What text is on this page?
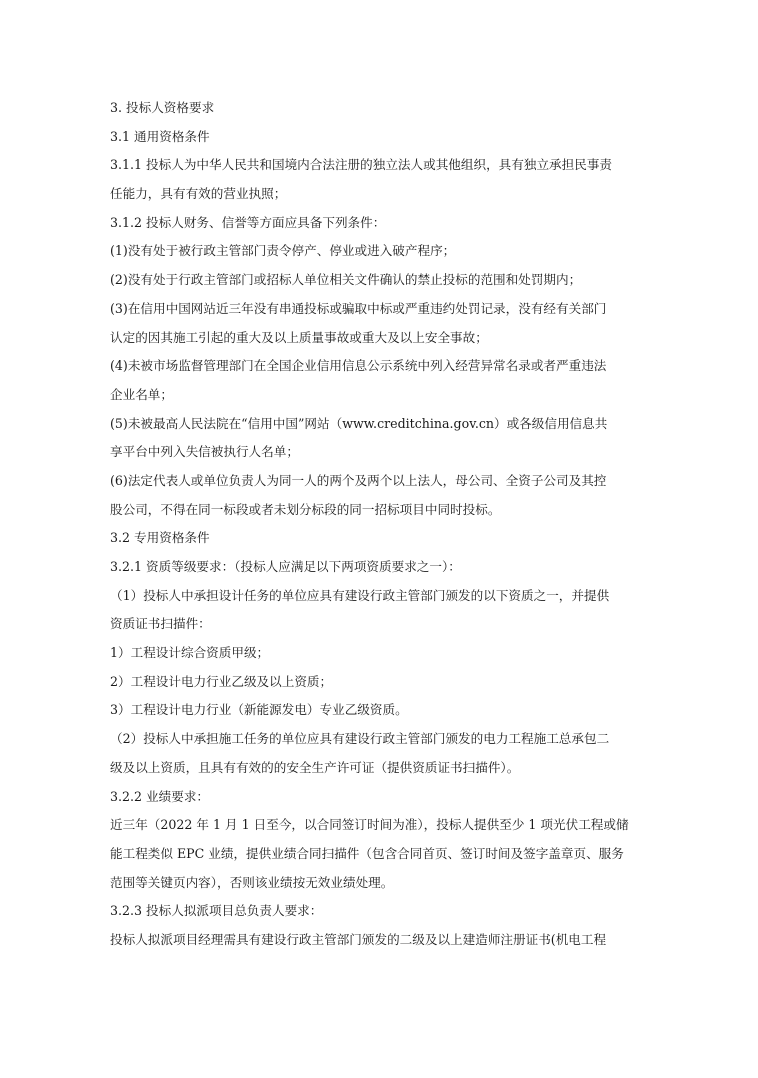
3. 投标人资格要求
3.1 通用资格条件
3.1.1 投标人为中华人民共和国境内合法注册的独立法人或其他组织，具有独立承担民事责
任能力，具有有效的营业执照；
3.1.2 投标人财务、信誉等方面应具备下列条件：
(1)没有处于被行政主管部门责令停产、停业或进入破产程序；
(2)没有处于行政主管部门或招标人单位相关文件确认的禁止投标的范围和处罚期内；
(3)在信用中国网站近三年没有串通投标或骗取中标或严重违约处罚记录，没有经有关部门
认定的因其施工引起的重大及以上质量事故或重大及以上安全事故；
(4)未被市场监督管理部门在全国企业信用信息公示系统中列入经营异常名录或者严重违法
企业名单；
(5)未被最高人民法院在“信用中国”网站（www.creditchina.gov.cn）或各级信用信息共
享平台中列入失信被执行人名单；
(6)法定代表人或单位负责人为同一人的两个及两个以上法人，母公司、全资子公司及其控
股公司，不得在同一标段或者未划分标段的同一招标项目中同时投标。
3.2 专用资格条件
3.2.1 资质等级要求：（投标人应满足以下两项资质要求之一）：
（1）投标人中承担设计任务的单位应具有建设行政主管部门颁发的以下资质之一，并提供
资质证书扫描件：
1）工程设计综合资质甲级；
2）工程设计电力行业乙级及以上资质；
3）工程设计电力行业（新能源发电）专业乙级资质。
（2）投标人中承担施工任务的单位应具有建设行政主管部门颁发的电力工程施工总承包二
级及以上资质，且具有有效的的安全生产许可证（提供资质证书扫描件）。
3.2.2 业绩要求：
近三年（2022 年 1 月 1 日至今，以合同签订时间为准），投标人提供至少 1 项光伏工程或储
能工程类似 EPC 业绩，提供业绩合同扫描件（包含合同首页、签订时间及签字盖章页、服务
范围等关键页内容），否则该业绩按无效业绩处理。
3.2.3 投标人拟派项目总负责人要求：
投标人拟派项目经理需具有建设行政主管部门颁发的二级及以上建造师注册证书(机电工程
